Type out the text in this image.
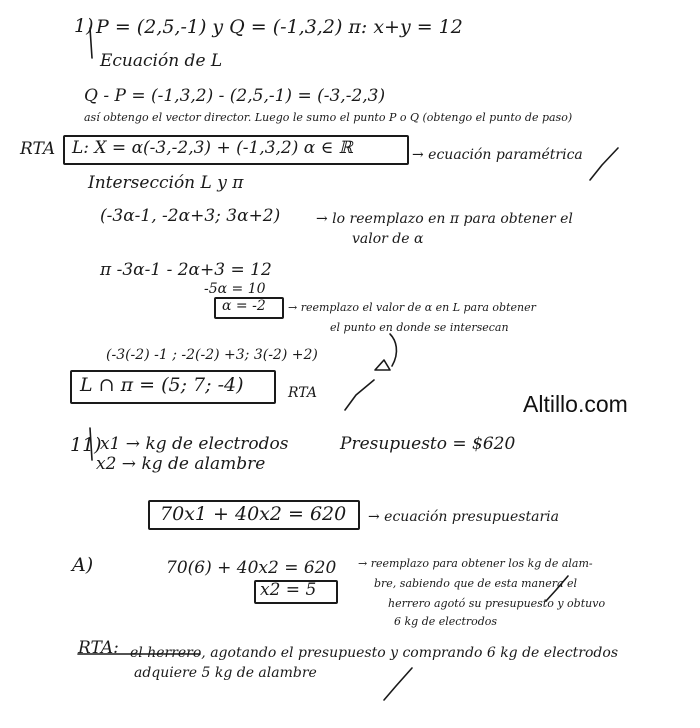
Altillo.com
1) P = (2,5,-1) y Q = (-1,3,2) π: x+y = 12
Ecuación de L
Q - P = (-1,3,2) - (2,5,-1) = (-3,-2,3)
así obtengo el vector director. Luego le sumo el punto P o Q (obtengo el punto de paso)
RTA L: X = α(-3,-2,3) + (-1,3,2) α ∈ ℝ	→ ecuación paramétrica
Intersección L y π
(-3α-1, -2α+3; 3α+2)	→ lo reemplazo en π para obtener el
valor de α
π -3α-1 - 2α+3 = 12
-5α = 10
α = -2 → reemplazo el valor de α en L para obtener
el punto en donde se intersecan
(-3(-2) -1 ; -2(-2) +3; 3(-2) +2)
L ∩ π = (5; 7; -4)	RTA
11)
x1 → kg de electrodos
x2 → kg de alambre
Presupuesto = $620
70x1 + 40x2 = 620 → ecuación presupuestaria
A)	70(6) + 40x2 = 620
x2 = 5
→ reemplazo para obtener los kg de alam-
bre, sabiendo que de esta manera el
herrero agotó su presupuesto y obtuvo
6 kg de electrodos
RTA: el herrero, agotando el presupuesto y comprando 6 kg de electrodos
adquiere 5 kg de alambre
